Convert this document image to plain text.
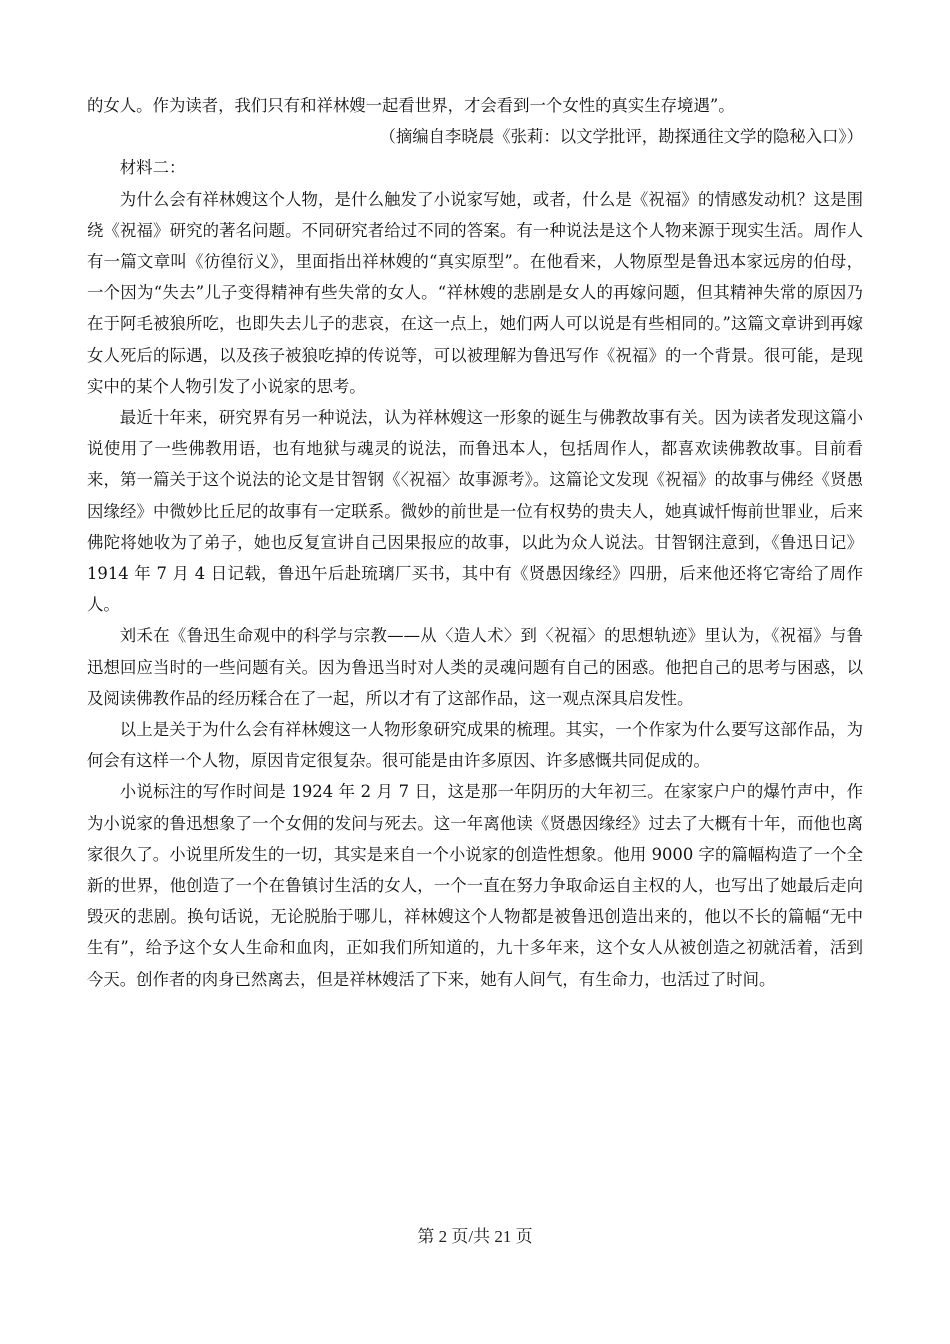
的女人。作为读者，我们只有和祥林嫂一起看世界，才会看到一个女性的真实生存境遇”。

（摘编自李晓晨《张莉：以文学批评，勘探通往文学的隐秘入口》）

材料二：

为什么会有祥林嫂这个人物，是什么触发了小说家写她，或者，什么是《祝福》的情感发动机？这是围绕《祝福》研究的著名问题。不同研究者给过不同的答案。有一种说法是这个人物来源于现实生活。周作人有一篇文章叫《彷徨衍义》，里面指出祥林嫂的“真实原型”。在他看来，人物原型是鲁迅本家远房的伯母，一个因为“失去”儿子变得精神有些失常的女人。“祥林嫂的悲剧是女人的再嫁问题，但其精神失常的原因乃在于阿毛被狼所吃，也即失去儿子的悲哀，在这一点上，她们两人可以说是有些相同的。”这篇文章讲到再嫁女人死后的际遇，以及孩子被狼吃掉的传说等，可以被理解为鲁迅写作《祝福》的一个背景。很可能，是现实中的某个人物引发了小说家的思考。

最近十年来，研究界有另一种说法，认为祥林嫂这一形象的诞生与佛教故事有关。因为读者发现这篇小说使用了一些佛教用语，也有地狱与魂灵的说法，而鲁迅本人，包括周作人，都喜欢读佛教故事。目前看来，第一篇关于这个说法的论文是甘智钢《〈祝福〉故事源考》。这篇论文发现《祝福》的故事与佛经《贤愚因缘经》中微妙比丘尼的故事有一定联系。微妙的前世是一位有权势的贵夫人，她真诚忏悔前世罪业，后来佛陀将她收为了弟子，她也反复宣讲自己因果报应的故事，以此为众人说法。甘智钢注意到，《鲁迅日记》1914 年 7 月 4 日记载，鲁迅午后赴琉璃厂买书，其中有《贤愚因缘经》四册，后来他还将它寄给了周作人。

刘禾在《鲁迅生命观中的科学与宗教——从〈造人术〉到〈祝福〉的思想轨迹》里认为，《祝福》与鲁迅想回应当时的一些问题有关。因为鲁迅当时对人类的灵魂问题有自己的困惑。他把自己的思考与困惑，以及阅读佛教作品的经历糅合在了一起，所以才有了这部作品，这一观点深具启发性。

以上是关于为什么会有祥林嫂这一人物形象研究成果的梳理。其实，一个作家为什么要写这部作品，为何会有这样一个人物，原因肯定很复杂。很可能是由许多原因、许多感慨共同促成的。

小说标注的写作时间是 1924 年 2 月 7 日，这是那一年阴历的大年初三。在家家户户的爆竹声中，作为小说家的鲁迅想象了一个女佣的发问与死去。这一年离他读《贤愚因缘经》过去了大概有十年，而他也离家很久了。小说里所发生的一切，其实是来自一个小说家的创造性想象。他用 9000 字的篇幅构造了一个全新的世界，他创造了一个在鲁镇讨生活的女人，一个一直在努力争取命运自主权的人，也写出了她最后走向毁灭的悲剧。换句话说，无论脱胎于哪儿，祥林嫂这个人物都是被鲁迅创造出来的，他以不长的篇幅“无中生有”，给予这个女人生命和血肉，正如我们所知道的，九十多年来，这个女人从被创造之初就活着，活到今天。创作者的肉身已然离去，但是祥林嫂活了下来，她有人间气，有生命力，也活过了时间。

第 2 页/共 21 页
